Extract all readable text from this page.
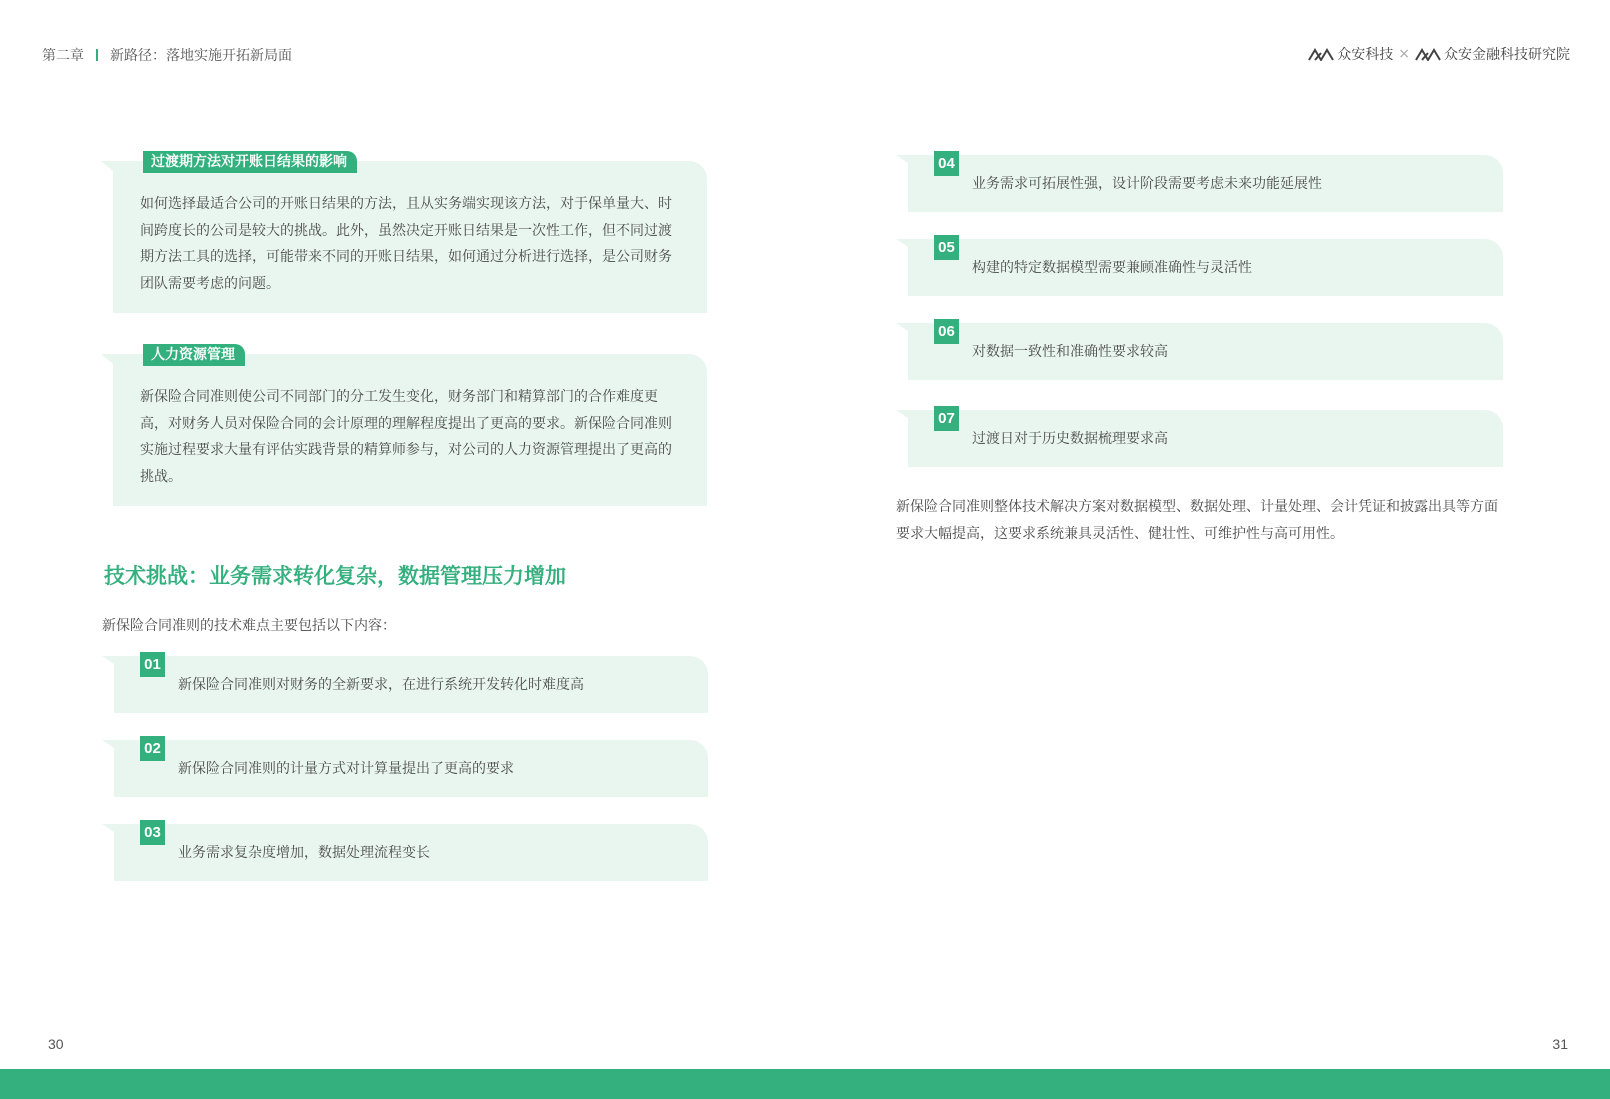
第二章 新路径：落地实施开拓新局面	众安科技 × 众安金融科技研究院
过渡期方法对开账日结果的影响
如何选择最适合公司的开账日结果的方法，且从实务端实现该方法，对于保单量大、时间跨度长的公司是较大的挑战。此外，虽然决定开账日结果是一次性工作，但不同过渡期方法工具的选择，可能带来不同的开账日结果，如何通过分析进行选择，是公司财务团队需要考虑的问题。
人力资源管理
新保险合同准则使公司不同部门的分工发生变化，财务部门和精算部门的合作难度更高，对财务人员对保险合同的会计原理的理解程度提出了更高的要求。新保险合同准则实施过程要求大量有评估实践背景的精算师参与，对公司的人力资源管理提出了更高的挑战。
技术挑战：业务需求转化复杂，数据管理压力增加
新保险合同准则的技术难点主要包括以下内容：
01
新保险合同准则对财务的全新要求，在进行系统开发转化时难度高
02
新保险合同准则的计量方式对计算量提出了更高的要求
03
业务需求复杂度增加，数据处理流程变长
04
业务需求可拓展性强，设计阶段需要考虑未来功能延展性
05
构建的特定数据模型需要兼顾准确性与灵活性
06
对数据一致性和准确性要求较高
07
过渡日对于历史数据梳理要求高
新保险合同准则整体技术解决方案对数据模型、数据处理、计量处理、会计凭证和披露出具等方面要求大幅提高，这要求系统兼具灵活性、健壮性、可维护性与高可用性。
30	31
